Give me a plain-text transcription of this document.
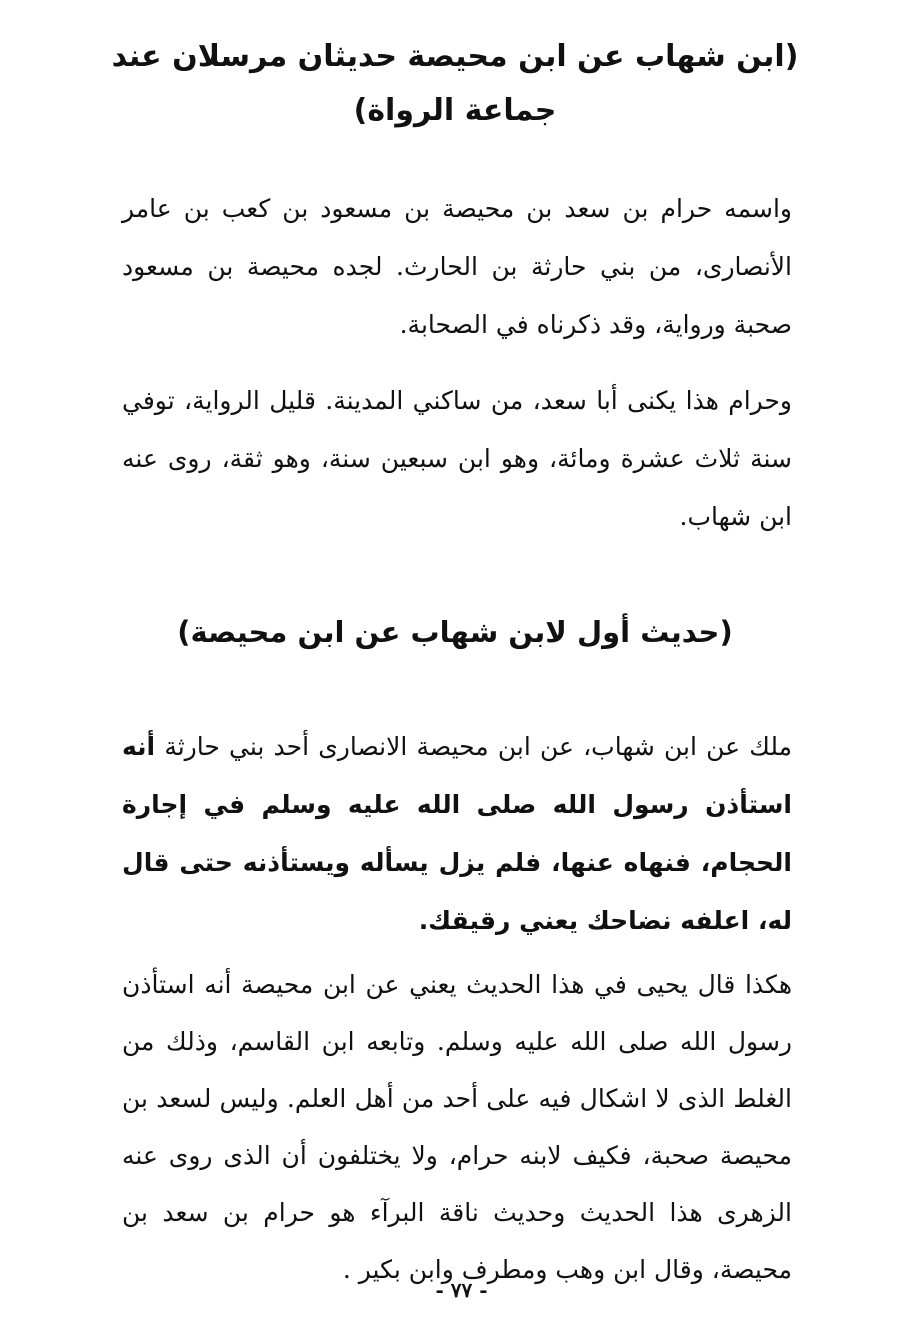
(ابن شهاب عن ابن محيصة حديثان مرسلان عند جماعة الرواة)

واسمه حرام بن سعد بن محيصة بن مسعود بن كعب بن عامر الأنصارى، من بني حارثة بن الحارث. لجده محيصة بن مسعود صحبة ورواية، وقد ذكرناه في الصحابة.

وحرام هذا يكنى أبا سعد، من ساكني المدينة. قليل الرواية، توفي سنة ثلاث عشرة ومائة، وهو ابن سبعين سنة، وهو ثقة، روى عنه ابن شهاب.

(حديث أول لابن شهاب عن ابن محيصة)

ملك عن ابن شهاب، عن ابن محيصة الانصارى أحد بني حارثة أنه استأذن رسول الله صلى الله عليه وسلم في إجارة الحجام، فنهاه عنها، فلم يزل يسأله ويستأذنه حتى قال له، اعلفه نضاحك يعني رقيقك.

هكذا قال يحيى في هذا الحديث يعني عن ابن محيصة أنه استأذن رسول الله صلى الله عليه وسلم. وتابعه ابن القاسم، وذلك من الغلط الذى لا اشكال فيه على أحد من أهل العلم. وليس لسعد بن محيصة صحبة، فكيف لابنه حرام، ولا يختلفون أن الذى روى عنه الزهرى هذا الحديث وحديث ناقة البرآء هو حرام بن سعد بن محيصة، وقال ابن وهب ومطرف وابن بكير .

- ٧٧ -
